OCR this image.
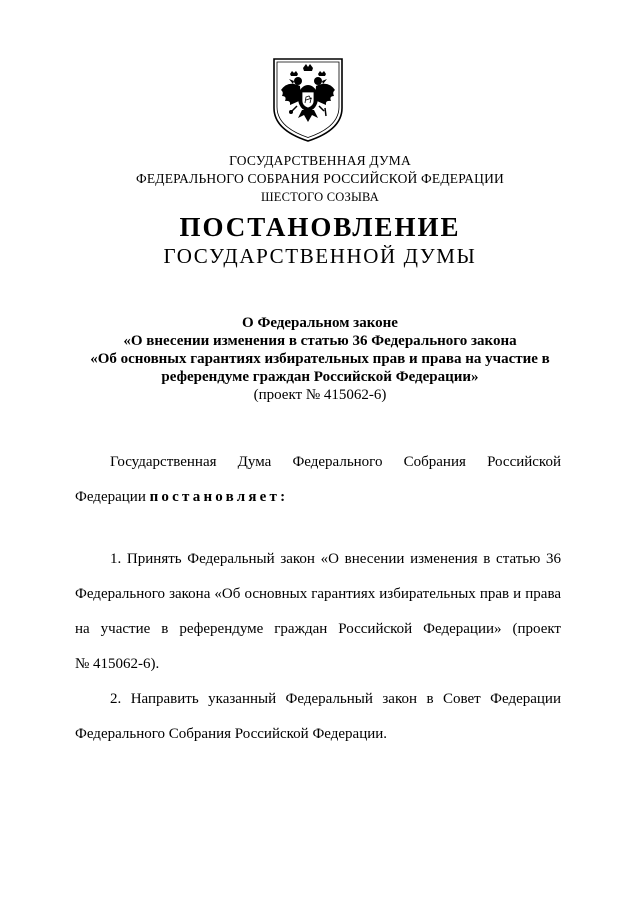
ГОСУДАРСТВЕННАЯ ДУМА
ФЕДЕРАЛЬНОГО СОБРАНИЯ РОССИЙСКОЙ ФЕДЕРАЦИИ
ШЕСТОГО СОЗЫВА
ПОСТАНОВЛЕНИЕ
ГОСУДАРСТВЕННОЙ ДУМЫ
О Федеральном законе
«О внесении изменения в статью 36 Федерального закона
«Об основных гарантиях избирательных прав и права на участие в
референдуме граждан Российской Федерации»
(проект № 415062-6)
Государственная Дума Федерального Собрания Российской
Федерации постановляет:
1. Принять Федеральный закон «О внесении изменения в статью 36
Федерального закона «Об основных гарантиях избирательных прав и права
на участие в референдуме граждан Российской Федерации» (проект
№ 415062-6).
2. Направить указанный Федеральный закон в Совет Федерации
Федерального Собрания Российской Федерации.
